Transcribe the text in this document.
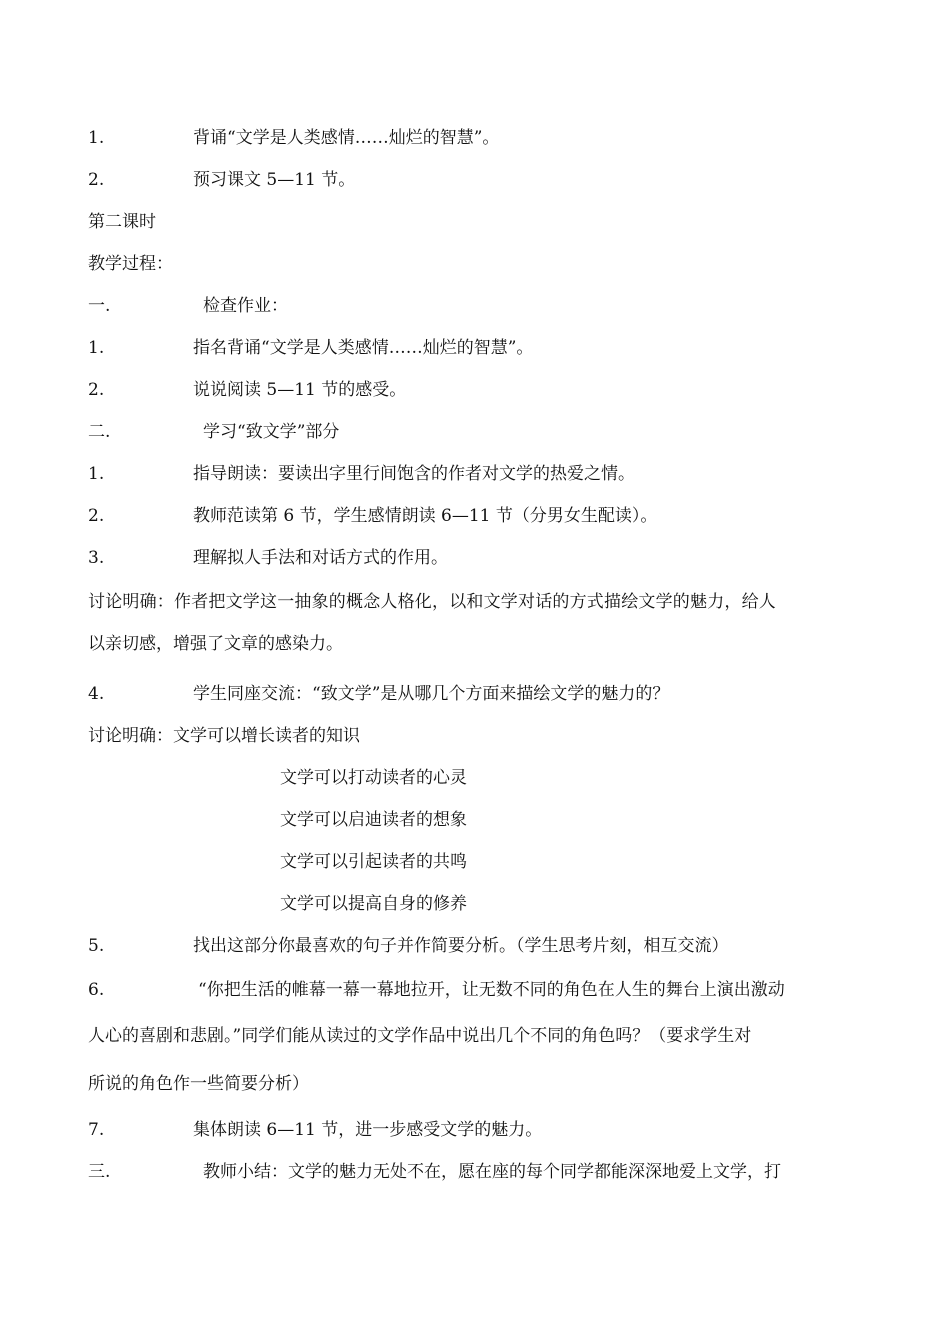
1.	背诵“文学是人类感情……灿烂的智慧”。
2.	预习课文 5—11 节。
第二课时
教学过程：
一.	检查作业：
1.	指名背诵“文学是人类感情……灿烂的智慧”。
2.	说说阅读 5—11 节的感受。
二.	学习“致文学”部分
1.	指导朗读：要读出字里行间饱含的作者对文学的热爱之情。
2.	教师范读第 6 节，学生感情朗读 6—11 节（分男女生配读）。
3.	理解拟人手法和对话方式的作用。
讨论明确：作者把文学这一抽象的概念人格化，以和文学对话的方式描绘文学的魅力，给人
以亲切感，增强了文章的感染力。
4.	学生同座交流：“致文学”是从哪几个方面来描绘文学的魅力的？
讨论明确：文学可以增长读者的知识
文学可以打动读者的心灵
文学可以启迪读者的想象
文学可以引起读者的共鸣
文学可以提高自身的修养
5.	找出这部分你最喜欢的句子并作简要分析。（学生思考片刻，相互交流）
6.	“你把生活的帷幕一幕一幕地拉开，让无数不同的角色在人生的舞台上演出激动
人心的喜剧和悲剧。”同学们能从读过的文学作品中说出几个不同的角色吗？（要求学生对
所说的角色作一些简要分析）
7.	集体朗读 6—11 节，进一步感受文学的魅力。
三.	教师小结：文学的魅力无处不在，愿在座的每个同学都能深深地爱上文学，打
